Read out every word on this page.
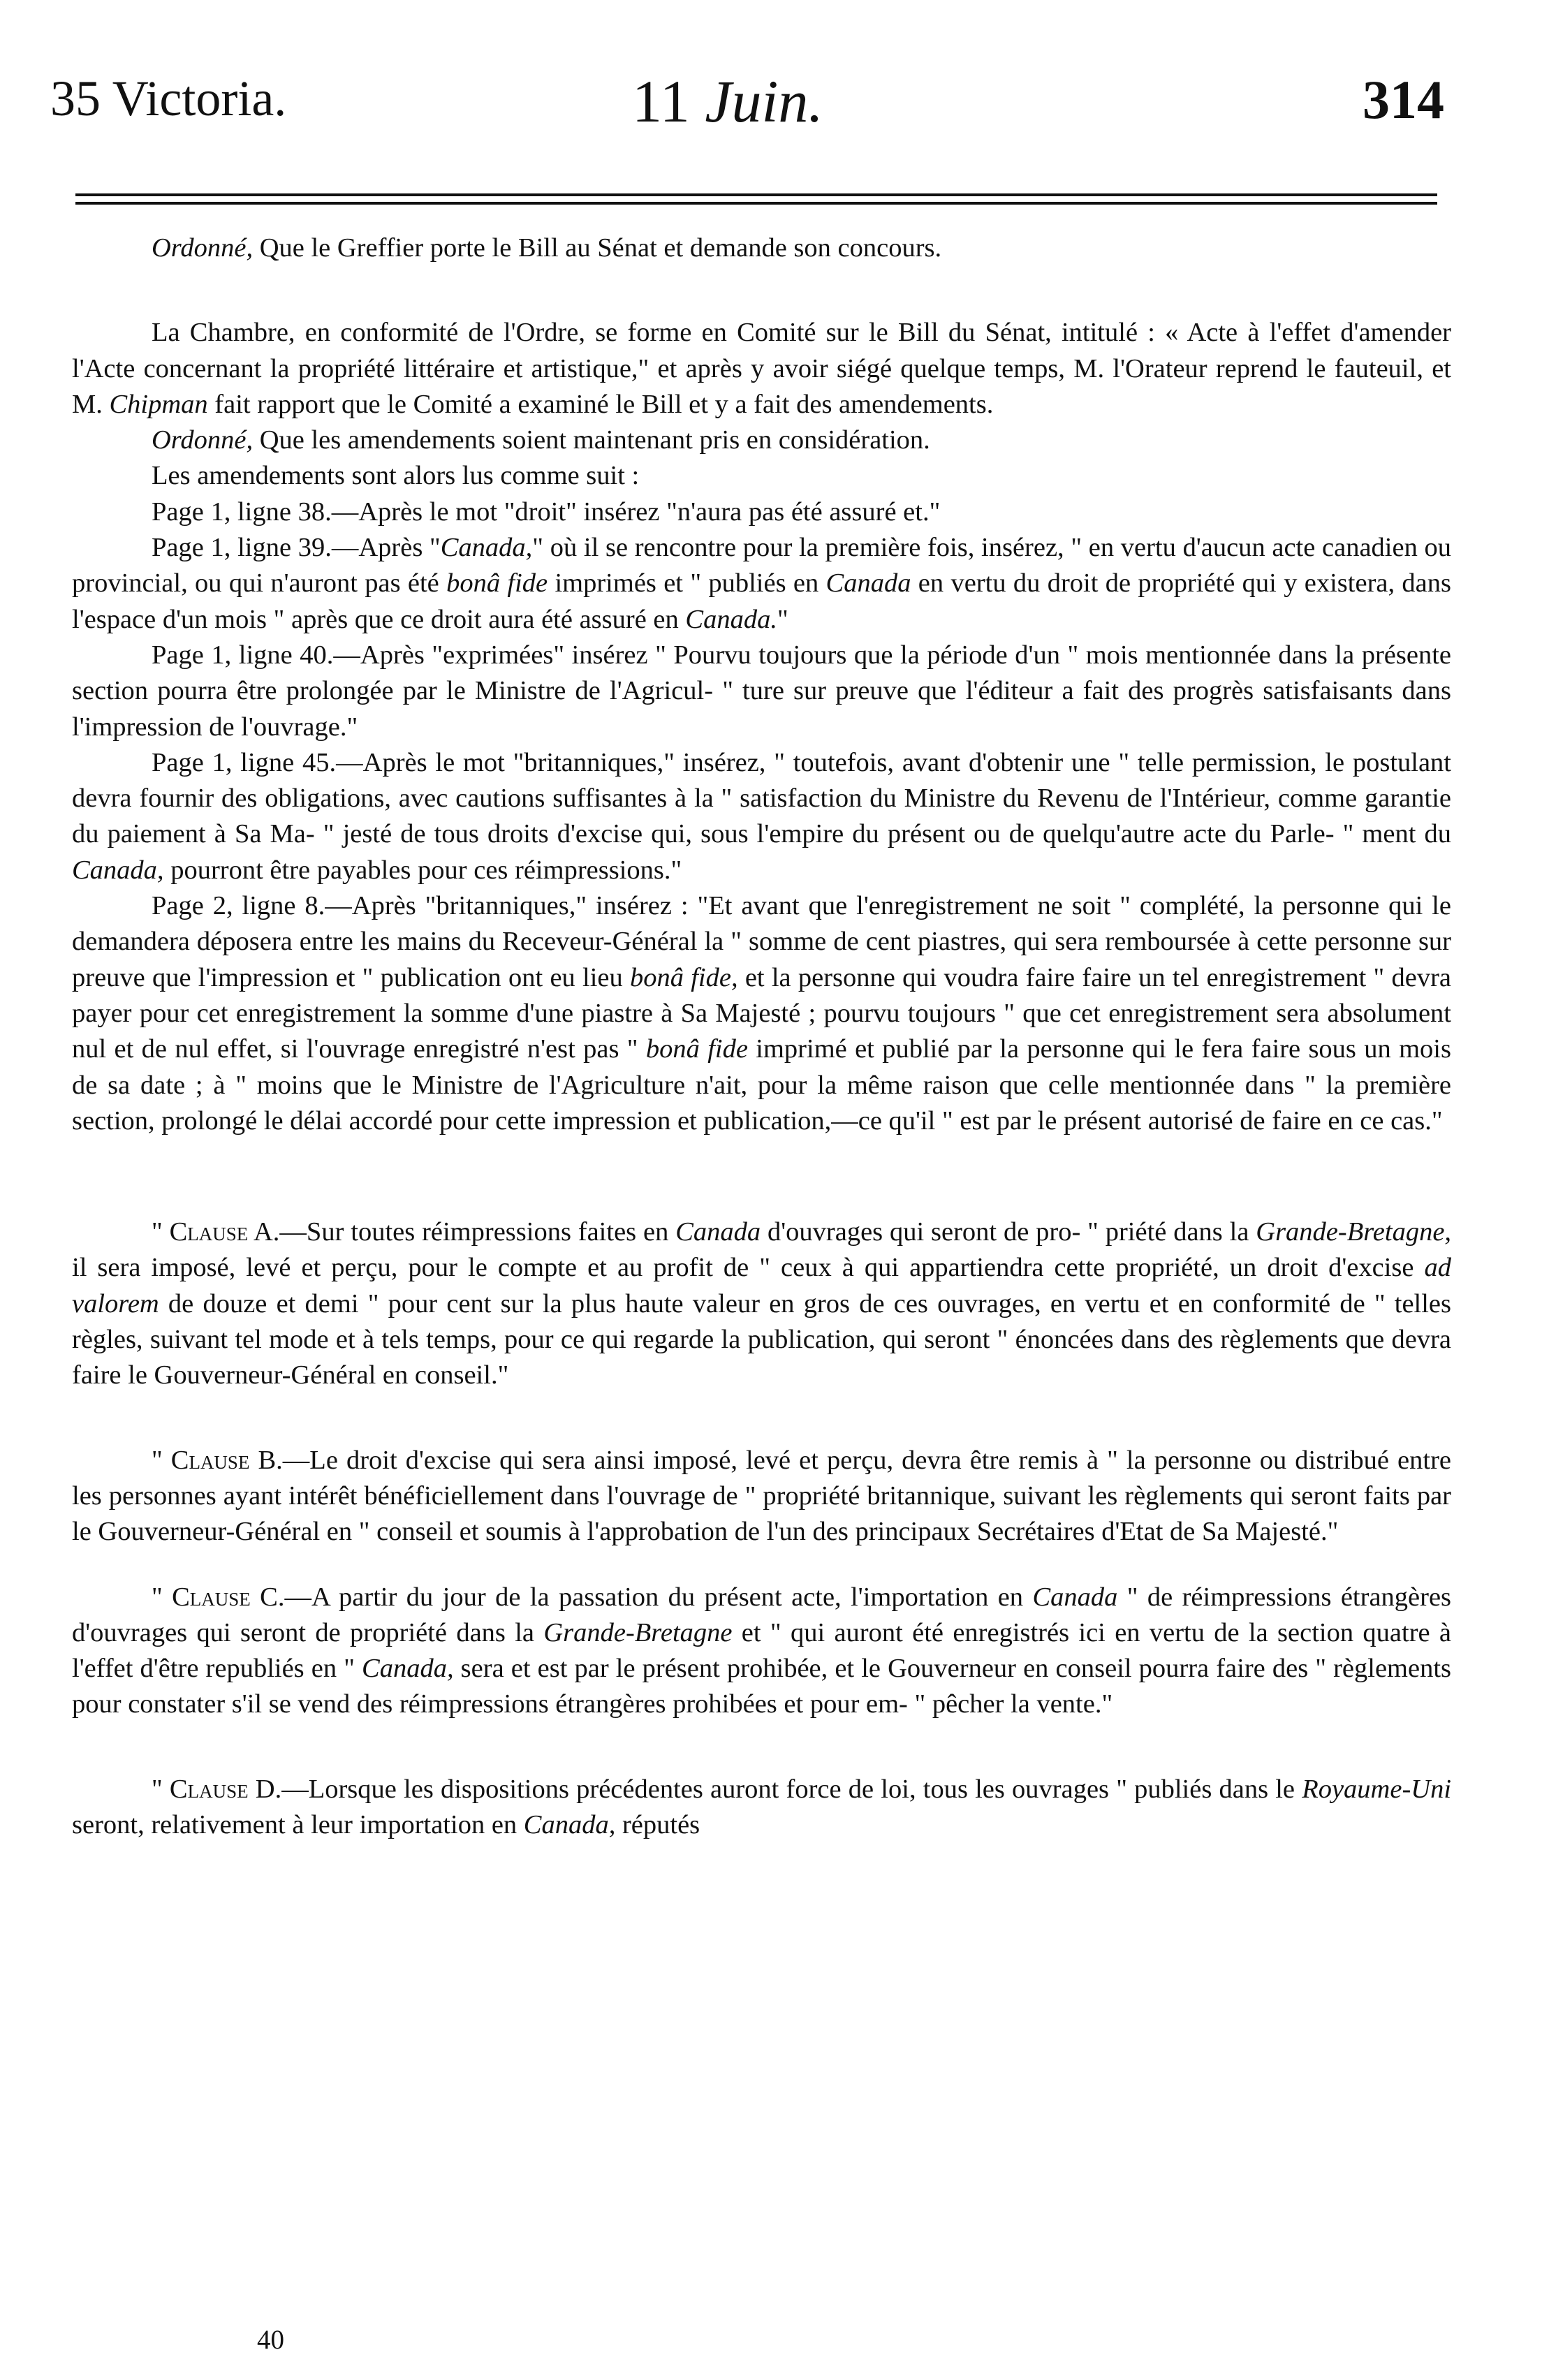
35 Victoria.	11 Juin.	314

Ordonné, Que le Greffier porte le Bill au Sénat et demande son concours.

La Chambre, en conformité de l'Ordre, se forme en Comité sur le Bill du Sénat, intitulé : « Acte à l'effet d'amender l'Acte concernant la propriété littéraire et artistique," et après y avoir siégé quelque temps, M. l'Orateur reprend le fauteuil, et M. Chipman fait rapport que le Comité a examiné le Bill et y a fait des amendements.

Ordonné, Que les amendements soient maintenant pris en considération.

Les amendements sont alors lus comme suit :

Page 1, ligne 38.—Après le mot "droit" insérez "n'aura pas été assuré et."

Page 1, ligne 39.—Après "Canada," où il se rencontre pour la première fois, insérez, " en vertu d'aucun acte canadien ou provincial, ou qui n'auront pas été bonâ fide imprimés et " publiés en Canada en vertu du droit de propriété qui y existera, dans l'espace d'un mois " après que ce droit aura été assuré en Canada."

Page 1, ligne 40.—Après "exprimées" insérez " Pourvu toujours que la période d'un " mois mentionnée dans la présente section pourra être prolongée par le Ministre de l'Agricul- " ture sur preuve que l'éditeur a fait des progrès satisfaisants dans l'impression de l'ouvrage."

Page 1, ligne 45.—Après le mot "britanniques," insérez, " toutefois, avant d'obtenir une " telle permission, le postulant devra fournir des obligations, avec cautions suffisantes à la " satisfaction du Ministre du Revenu de l'Intérieur, comme garantie du paiement à Sa Ma- " jesté de tous droits d'excise qui, sous l'empire du présent ou de quelqu'autre acte du Parle- " ment du Canada, pourront être payables pour ces réimpressions."

Page 2, ligne 8.—Après "britanniques," insérez : "Et avant que l'enregistrement ne soit " complété, la personne qui le demandera déposera entre les mains du Receveur-Général la " somme de cent piastres, qui sera remboursée à cette personne sur preuve que l'impression et " publication ont eu lieu bonâ fide, et la personne qui voudra faire faire un tel enregistrement " devra payer pour cet enregistrement la somme d'une piastre à Sa Majesté ; pourvu toujours " que cet enregistrement sera absolument nul et de nul effet, si l'ouvrage enregistré n'est pas " bonâ fide imprimé et publié par la personne qui le fera faire sous un mois de sa date ; à " moins que le Ministre de l'Agriculture n'ait, pour la même raison que celle mentionnée dans " la première section, prolongé le délai accordé pour cette impression et publication,—ce qu'il " est par le présent autorisé de faire en ce cas."

" Clause A.—Sur toutes réimpressions faites en Canada d'ouvrages qui seront de pro- " priété dans la Grande-Bretagne, il sera imposé, levé et perçu, pour le compte et au profit de " ceux à qui appartiendra cette propriété, un droit d'excise ad valorem de douze et demi " pour cent sur la plus haute valeur en gros de ces ouvrages, en vertu et en conformité de " telles règles, suivant tel mode et à tels temps, pour ce qui regarde la publication, qui seront " énoncées dans des règlements que devra faire le Gouverneur-Général en conseil."

" Clause B.—Le droit d'excise qui sera ainsi imposé, levé et perçu, devra être remis à " la personne ou distribué entre les personnes ayant intérêt bénéficiellement dans l'ouvrage de " propriété britannique, suivant les règlements qui seront faits par le Gouverneur-Général en " conseil et soumis à l'approbation de l'un des principaux Secrétaires d'Etat de Sa Majesté."

" Clause C.—A partir du jour de la passation du présent acte, l'importation en Canada " de réimpressions étrangères d'ouvrages qui seront de propriété dans la Grande-Bretagne et " qui auront été enregistrés ici en vertu de la section quatre à l'effet d'être republiés en " Canada, sera et est par le présent prohibée, et le Gouverneur en conseil pourra faire des " règlements pour constater s'il se vend des réimpressions étrangères prohibées et pour em- " pêcher la vente."

" Clause D.—Lorsque les dispositions précédentes auront force de loi, tous les ouvrages " publiés dans le Royaume-Uni seront, relativement à leur importation en Canada, réputés

40
